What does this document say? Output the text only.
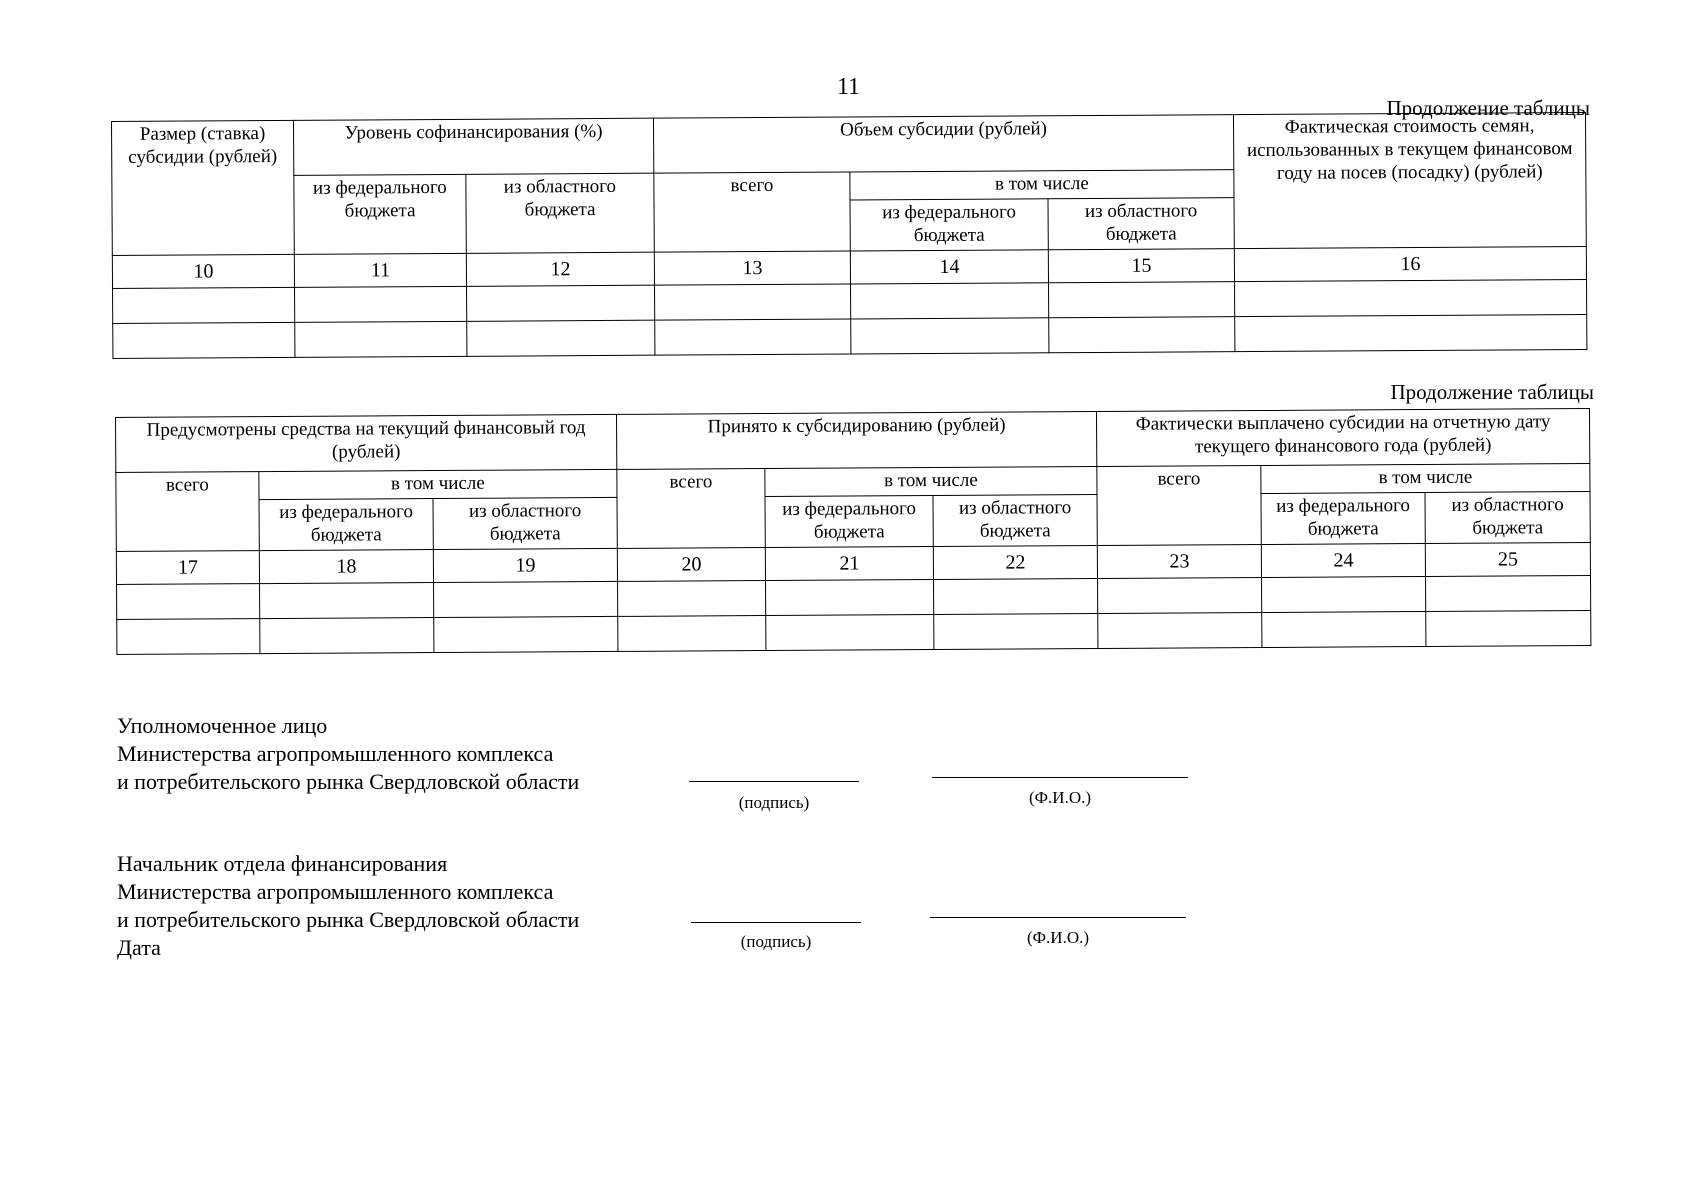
11
Продолжение таблицы
Размер (ставка) субсидии (рублей)	Уровень софинансирования (%)		Объем субсидии (рублей)			Фактическая стоимость семян, использованных в текущем финансовом году на посев (посадку) (рублей)
	из федерального бюджета	из областного бюджета	всего	в том числе		
				из федерального бюджета	из областного бюджета	
10	11	12	13	14	15	16

Продолжение таблицы
Предусмотрены средства на текущий финансовый год (рублей)			Принято к субсидированию (рублей)			Фактически выплачено субсидии на отчетную дату текущего финансового года (рублей)		
всего	в том числе		всего	в том числе		всего	в том числе	
	из федерального бюджета	из областного бюджета		из федерального бюджета	из областного бюджета		из федерального бюджета	из областного бюджета
17	18	19	20	21	22	23	24	25

Уполномоченное лицо
Министерства агропромышленного комплекса
и потребительского рынка Свердловской области
(подпись)	(Ф.И.О.)
Начальник отдела финансирования
Министерства агропромышленного комплекса
и потребительского рынка Свердловской области
Дата	(подпись)	(Ф.И.О.)
